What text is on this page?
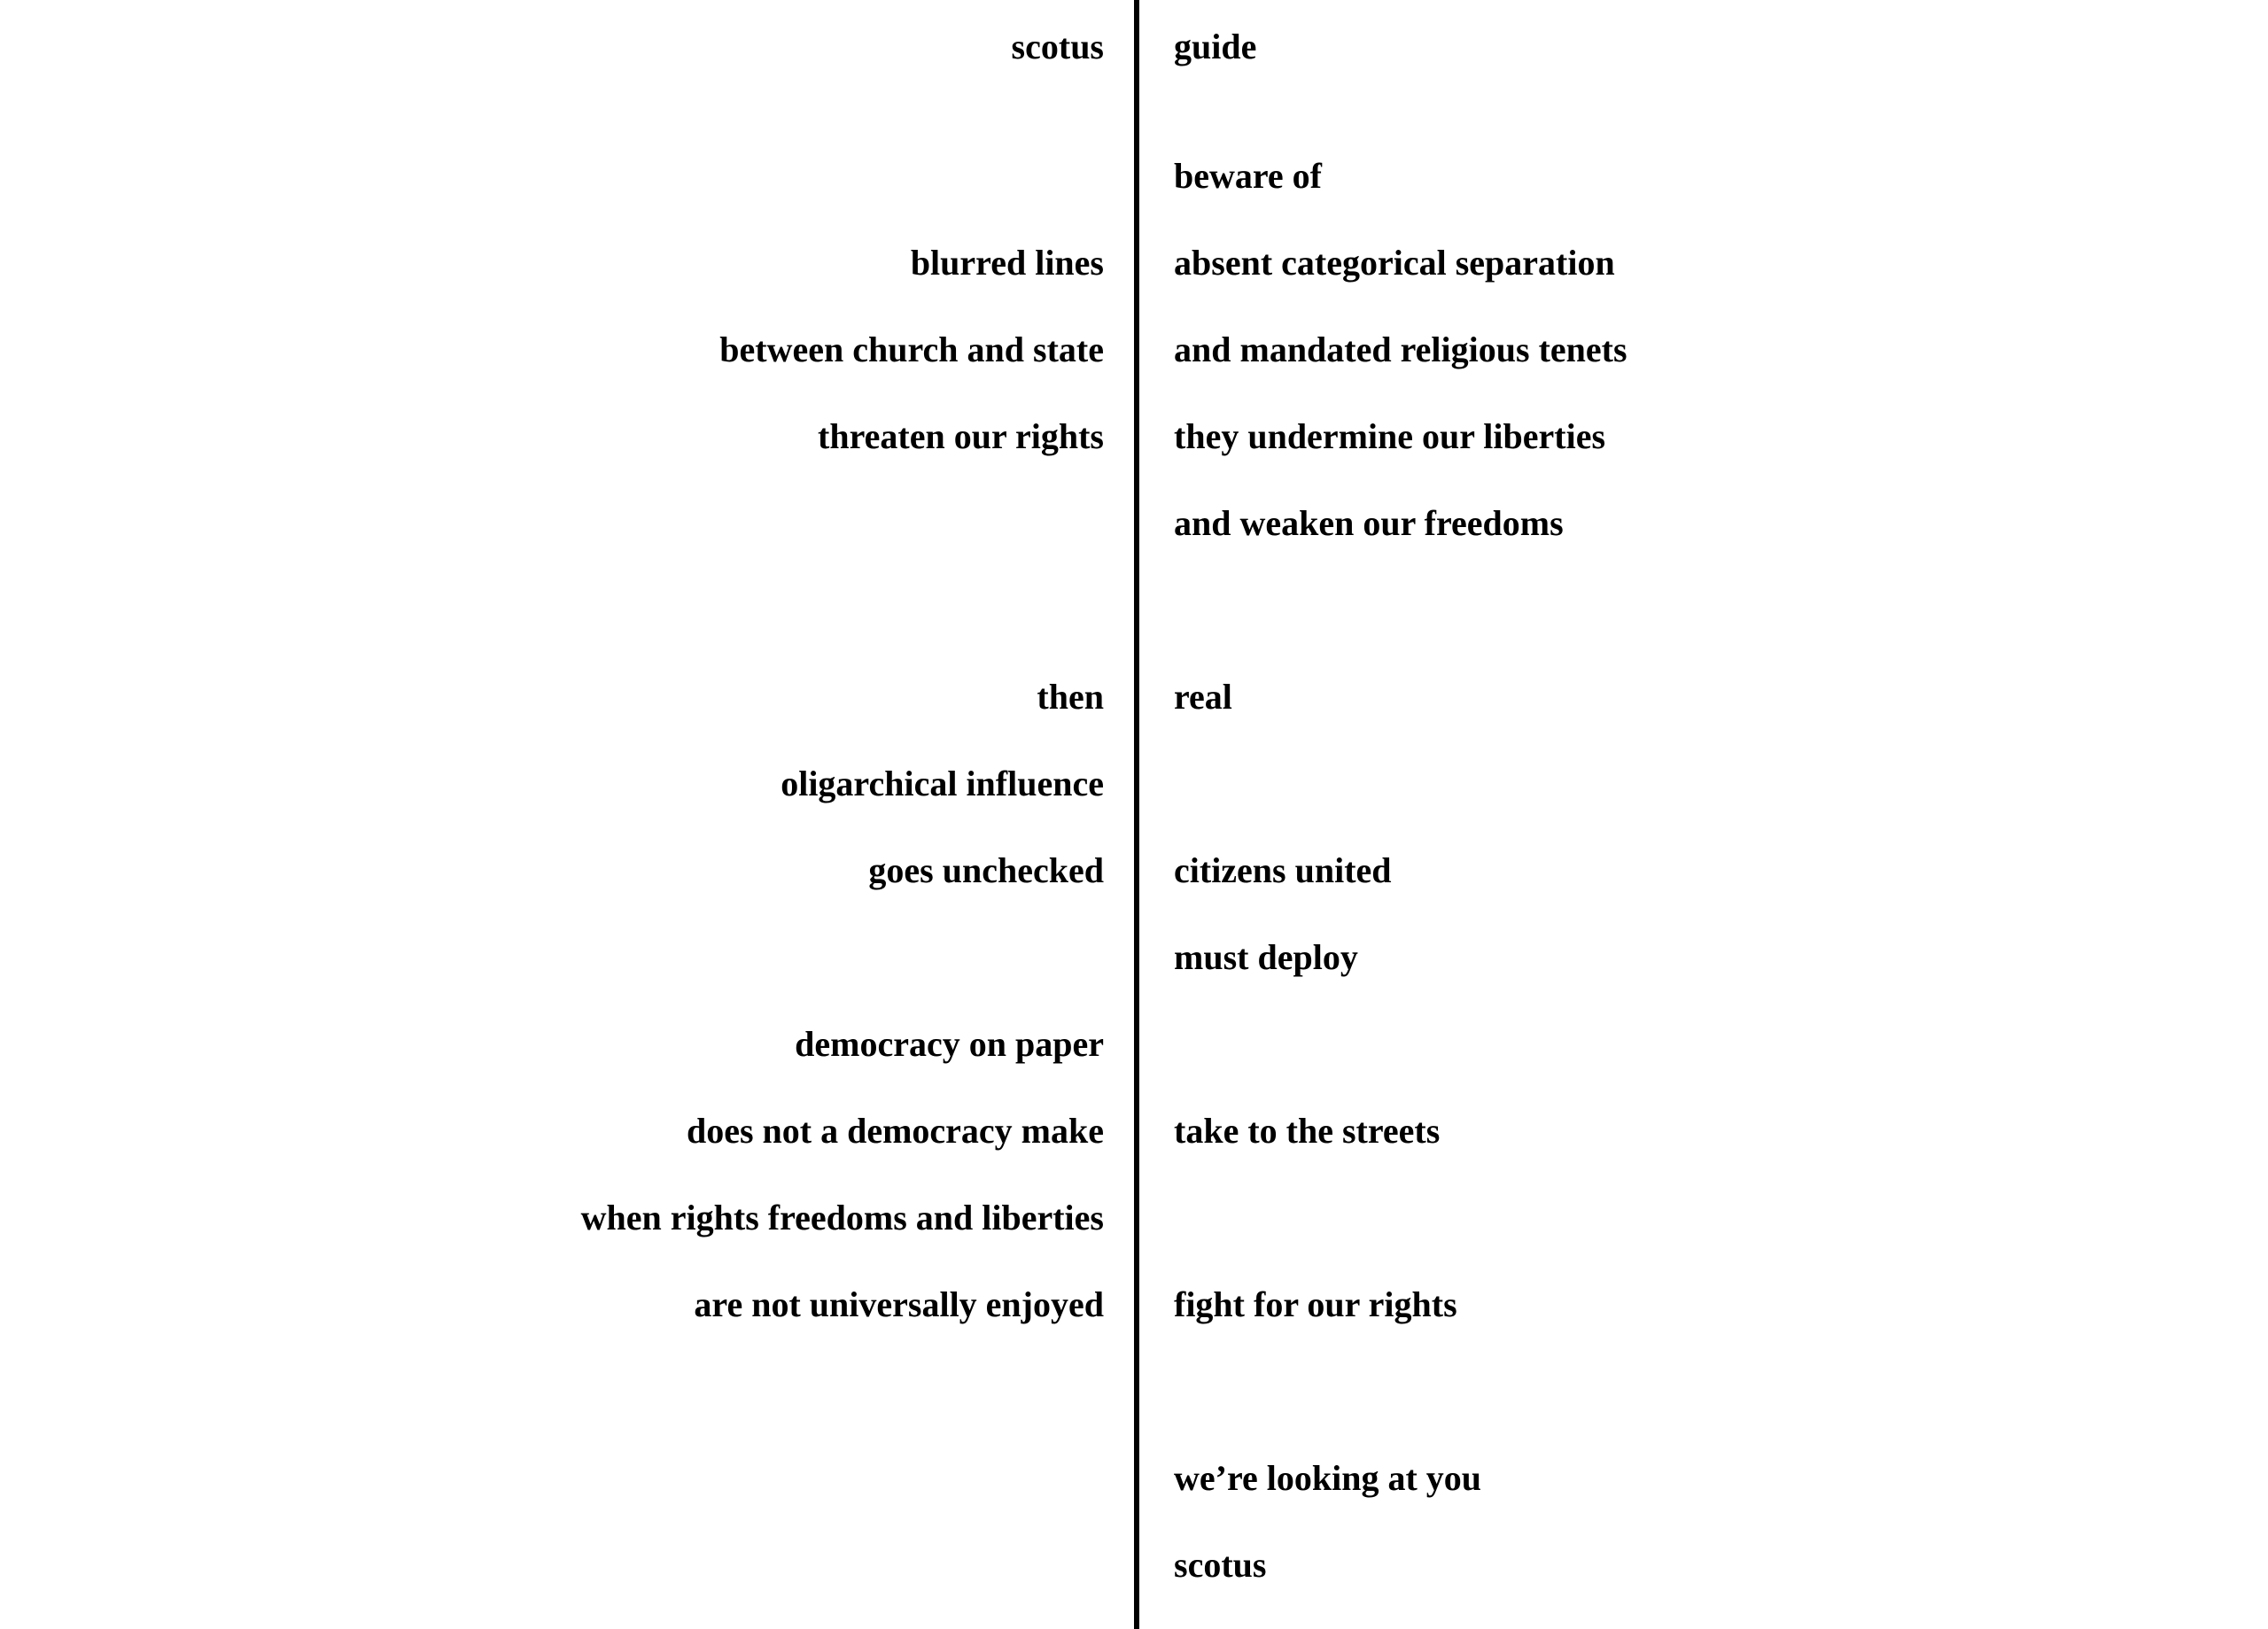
scotus guide
beware of
blurred lines absent categorical separation
between church and state and mandated religious tenets
threaten our rights they undermine our liberties
and weaken our freedoms
then real
oligarchical influence
goes unchecked citizens united
must deploy
democracy on paper
does not a democracy make take to the streets
when rights freedoms and liberties
are not universally enjoyed fight for our rights
we’re looking at you
scotus
